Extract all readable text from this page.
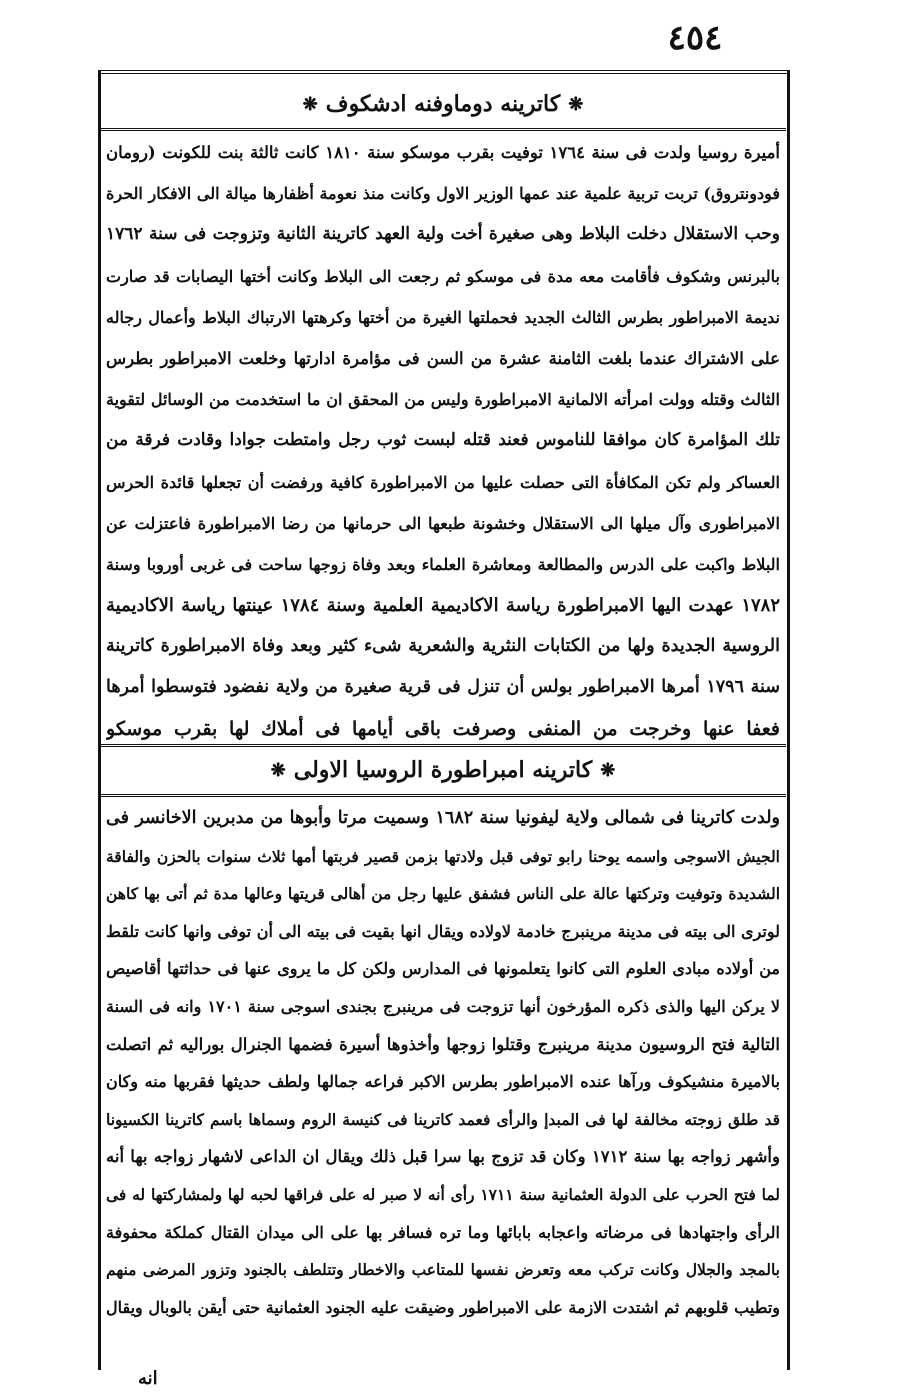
٤٥٤
❋
كاترينه دوماوفنه ادشكوف
❋
أميرة روسيا ولدت فى سنة ١٧٦٤ توفيت بقرب موسكو سنة ١٨١٠ كانت ثالثة بنت للكونت (رومان
فودونتروق) تربت تربية علمية عند عمها الوزير الاول وكانت منذ نعومة أظفارها ميالة الى الافكار الحرة
وحب الاستقلال دخلت البلاط وهى صغيرة أخت ولية العهد كاترينة الثانية وتزوجت فى سنة ١٧٦٢
بالبرنس وشكوف فأقامت معه مدة فى موسكو ثم رجعت الى البلاط وكانت أختها اليصابات قد صارت
نديمة الامبراطور بطرس الثالث الجديد فحملتها الغيرة من أختها وكرهتها الارتباك البلاط وأعمال رجاله
على الاشتراك عندما بلغت الثامنة عشرة من السن فى مؤامرة ادارتها وخلعت الامبراطور بطرس
الثالث وقتله وولت امرأته الالمانية الامبراطورة وليس من المحقق ان ما استخدمت من الوسائل لتقوية
تلك المؤامرة كان موافقا للناموس فعند قتله لبست ثوب رجل وامتطت جوادا وقادت فرقة من
العساكر ولم تكن المكافأة التى حصلت عليها من الامبراطورة كافية ورفضت أن تجعلها قائدة الحرس
الامبراطورى وآل ميلها الى الاستقلال وخشونة طبعها الى حرمانها من رضا الامبراطورة فاعتزلت عن
البلاط واكبت على الدرس والمطالعة ومعاشرة العلماء وبعد وفاة زوجها ساحت فى غربى أوروبا وسنة
١٧٨٢ عهدت اليها الامبراطورة رياسة الاكاديمية العلمية وسنة ١٧٨٤ عينتها رياسة الاكاديمية
الروسية الجديدة ولها من الكتابات النثرية والشعرية شىء كثير وبعد وفاة الامبراطورة كاترينة
سنة ١٧٩٦ أمرها الامبراطور بولس أن تنزل فى قرية صغيرة من ولاية نفضود فتوسطوا أمرها
فعفا عنها وخرجت من المنفى وصرفت باقى أيامها فى أملاك لها بقرب موسكو
❋
كاترينه امبراطورة الروسيا الاولى
❋
ولدت كاترينا فى شمالى ولاية ليفونيا سنة ١٦٨٢ وسميت مرتا وأبوها من مدبرين الاخانسر فى
الجيش الاسوجى واسمه يوحنا رابو توفى قبل ولادتها بزمن قصير فربتها أمها ثلاث سنوات بالحزن والفاقة
الشديدة وتوفيت وتركتها عالة على الناس فشفق عليها رجل من أهالى قريتها وعالها مدة ثم أتى بها كاهن
لوترى الى بيته فى مدينة مرينبرج خادمة لاولاده ويقال انها بقيت فى بيته الى أن توفى وانها كانت تلقط
من أولاده مبادى العلوم التى كانوا يتعلمونها فى المدارس ولكن كل ما يروى عنها فى حداثتها أقاصيص
لا يركن اليها والذى ذكره المؤرخون أنها تزوجت فى مرينبرج بجندى اسوجى سنة ١٧٠١ وانه فى السنة
التالية فتح الروسيون مدينة مرينبرج وقتلوا زوجها وأخذوها أسيرة فضمها الجنرال بوراليه ثم اتصلت
بالاميرة منشيكوف ورآها عنده الامبراطور بطرس الاكبر فراعه جمالها ولطف حديثها فقربها منه وكان
قد طلق زوجته مخالفة لها فى المبدإ والرأى فعمد كاترينا فى كنيسة الروم وسماها باسم كاترينا الكسيونا
وأشهر زواجه بها سنة ١٧١٢ وكان قد تزوج بها سرا قبل ذلك ويقال ان الداعى لاشهار زواجه بها أنه
لما فتح الحرب على الدولة العثمانية سنة ١٧١١ رأى أنه لا صبر له على فراقها لحبه لها ولمشاركتها له فى
الرأى واجتهادها فى مرضاته واعجابه بابائها وما تره فسافر بها على الى ميدان القتال كملكة محفوفة
بالمجد والجلال وكانت تركب معه وتعرض نفسها للمتاعب والاخطار وتتلطف بالجنود وتزور المرضى منهم
وتطيب قلوبهم ثم اشتدت الازمة على الامبراطور وضيقت عليه الجنود العثمانية حتى أيقن بالوبال ويقال
انه
